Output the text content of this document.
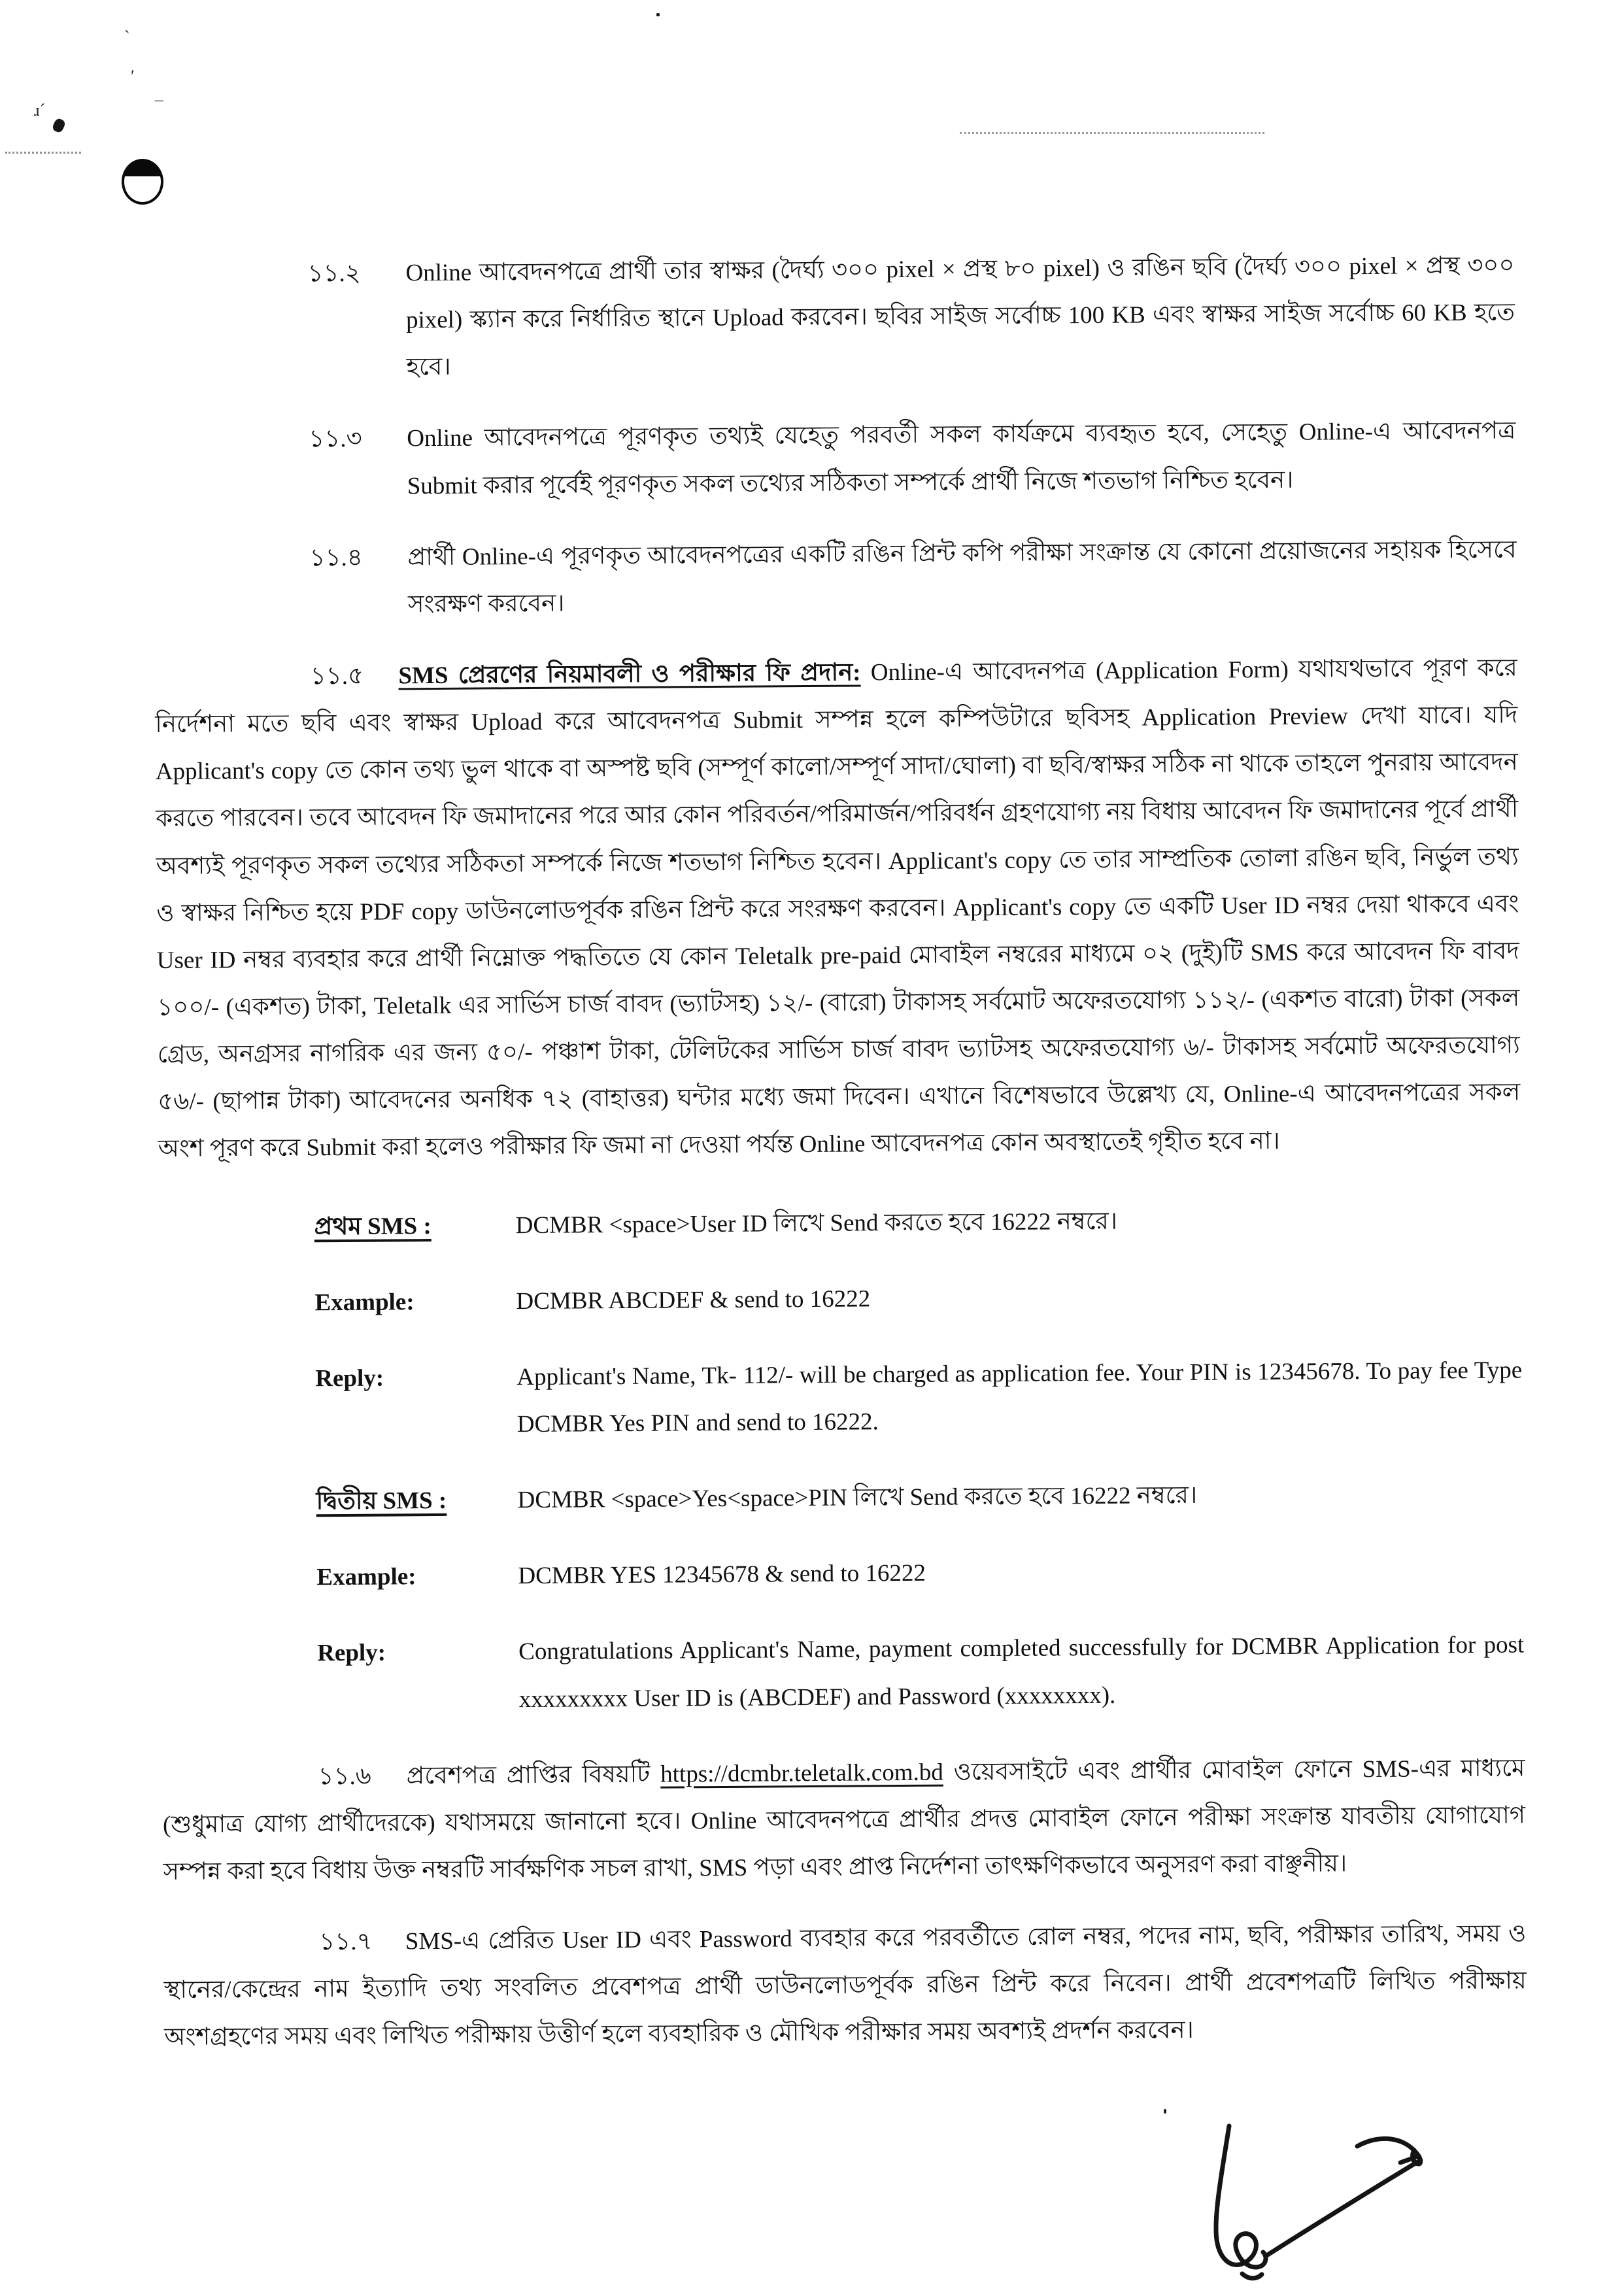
`
′
ধ͟
ɹˊ

১১.২	Online আবেদনপত্রে প্রার্থী তার স্বাক্ষর (দৈর্ঘ্য ৩০০ pixel × প্রস্থ ৮০ pixel) ও রঙিন ছবি (দৈর্ঘ্য ৩০০ pixel × প্রস্থ ৩০০ pixel) স্ক্যান করে নির্ধারিত স্থানে Upload করবেন। ছবির সাইজ সর্বোচ্চ 100 KB এবং স্বাক্ষর সাইজ সর্বোচ্চ 60 KB হতে হবে।

১১.৩	Online আবেদনপত্রে পূরণকৃত তথ্যই যেহেতু পরবর্তী সকল কার্যক্রমে ব্যবহৃত হবে, সেহেতু Online-এ আবেদনপত্র Submit করার পূর্বেই পূরণকৃত সকল তথ্যের সঠিকতা সম্পর্কে প্রার্থী নিজে শতভাগ নিশ্চিত হবেন।

১১.৪	প্রার্থী Online-এ পূরণকৃত আবেদনপত্রের একটি রঙিন প্রিন্ট কপি পরীক্ষা সংক্রান্ত যে কোনো প্রয়োজনের সহায়ক হিসেবে সংরক্ষণ করবেন।

১১.৫ SMS প্রেরণের নিয়মাবলী ও পরীক্ষার ফি প্রদান: Online-এ আবেদনপত্র (Application Form) যথাযথভাবে পূরণ করে নির্দেশনা মতে ছবি এবং স্বাক্ষর Upload করে আবেদনপত্র Submit সম্পন্ন হলে কম্পিউটারে ছবিসহ Application Preview দেখা যাবে। যদি Applicant's copy তে কোন তথ্য ভুল থাকে বা অস্পষ্ট ছবি (সম্পূর্ণ কালো/সম্পূর্ণ সাদা/ঘোলা) বা ছবি/স্বাক্ষর সঠিক না থাকে তাহলে পুনরায় আবেদন করতে পারবেন। তবে আবেদন ফি জমাদানের পরে আর কোন পরিবর্তন/পরিমার্জন/পরিবর্ধন গ্রহণযোগ্য নয় বিধায় আবেদন ফি জমাদানের পূর্বে প্রার্থী অবশ্যই পূরণকৃত সকল তথ্যের সঠিকতা সম্পর্কে নিজে শতভাগ নিশ্চিত হবেন। Applicant's copy তে তার সাম্প্রতিক তোলা রঙিন ছবি, নির্ভুল তথ্য ও স্বাক্ষর নিশ্চিত হয়ে PDF copy ডাউনলোডপূর্বক রঙিন প্রিন্ট করে সংরক্ষণ করবেন। Applicant's copy তে একটি User ID নম্বর দেয়া থাকবে এবং User ID নম্বর ব্যবহার করে প্রার্থী নিম্নোক্ত পদ্ধতিতে যে কোন Teletalk pre-paid মোবাইল নম্বরের মাধ্যমে ০২ (দুই)টি SMS করে আবেদন ফি বাবদ ১০০/- (একশত) টাকা, Teletalk এর সার্ভিস চার্জ বাবদ (ভ্যাটসহ) ১২/- (বারো) টাকাসহ সর্বমোট অফেরতযোগ্য ১১২/- (একশত বারো) টাকা (সকল গ্রেড, অনগ্রসর নাগরিক এর জন্য ৫০/- পঞ্চাশ টাকা, টেলিটকের সার্ভিস চার্জ বাবদ ভ্যাটসহ অফেরতযোগ্য ৬/- টাকাসহ সর্বমোট অফেরতযোগ্য ৫৬/- (ছাপান্ন টাকা) আবেদনের অনধিক ৭২ (বাহাত্তর) ঘন্টার মধ্যে জমা দিবেন। এখানে বিশেষভাবে উল্লেখ্য যে, Online-এ আবেদনপত্রের সকল অংশ পূরণ করে Submit করা হলেও পরীক্ষার ফি জমা না দেওয়া পর্যন্ত Online আবেদনপত্র কোন অবস্থাতেই গৃহীত হবে না।

প্রথম SMS :	DCMBR <space>User ID লিখে Send করতে হবে 16222 নম্বরে।
Example:	DCMBR ABCDEF & send to 16222
Reply:	Applicant's Name, Tk- 112/- will be charged as application fee. Your PIN is 12345678. To pay fee Type DCMBR Yes PIN and send to 16222.
দ্বিতীয় SMS :	DCMBR <space>Yes<space>PIN লিখে Send করতে হবে 16222 নম্বরে।
Example:	DCMBR YES 12345678 & send to 16222
Reply:	Congratulations Applicant's Name, payment completed successfully for DCMBR Application for post xxxxxxxxx User ID is (ABCDEF) and Password (xxxxxxxx).

১১.৬ প্রবেশপত্র প্রাপ্তির বিষয়টি https://dcmbr.teletalk.com.bd ওয়েবসাইটে এবং প্রার্থীর মোবাইল ফোনে SMS-এর মাধ্যমে (শুধুমাত্র যোগ্য প্রার্থীদেরকে) যথাসময়ে জানানো হবে। Online আবেদনপত্রে প্রার্থীর প্রদত্ত মোবাইল ফোনে পরীক্ষা সংক্রান্ত যাবতীয় যোগাযোগ সম্পন্ন করা হবে বিধায় উক্ত নম্বরটি সার্বক্ষণিক সচল রাখা, SMS পড়া এবং প্রাপ্ত নির্দেশনা তাৎক্ষণিকভাবে অনুসরণ করা বাঞ্ছনীয়।

১১.৭ SMS-এ প্রেরিত User ID এবং Password ব্যবহার করে পরবর্তীতে রোল নম্বর, পদের নাম, ছবি, পরীক্ষার তারিখ, সময় ও স্থানের/কেন্দ্রের নাম ইত্যাদি তথ্য সংবলিত প্রবেশপত্র প্রার্থী ডাউনলোডপূর্বক রঙিন প্রিন্ট করে নিবেন। প্রার্থী প্রবেশপত্রটি লিখিত পরীক্ষায় অংশগ্রহণের সময় এবং লিখিত পরীক্ষায় উত্তীর্ণ হলে ব্যবহারিক ও মৌখিক পরীক্ষার সময় অবশ্যই প্রদর্শন করবেন।
